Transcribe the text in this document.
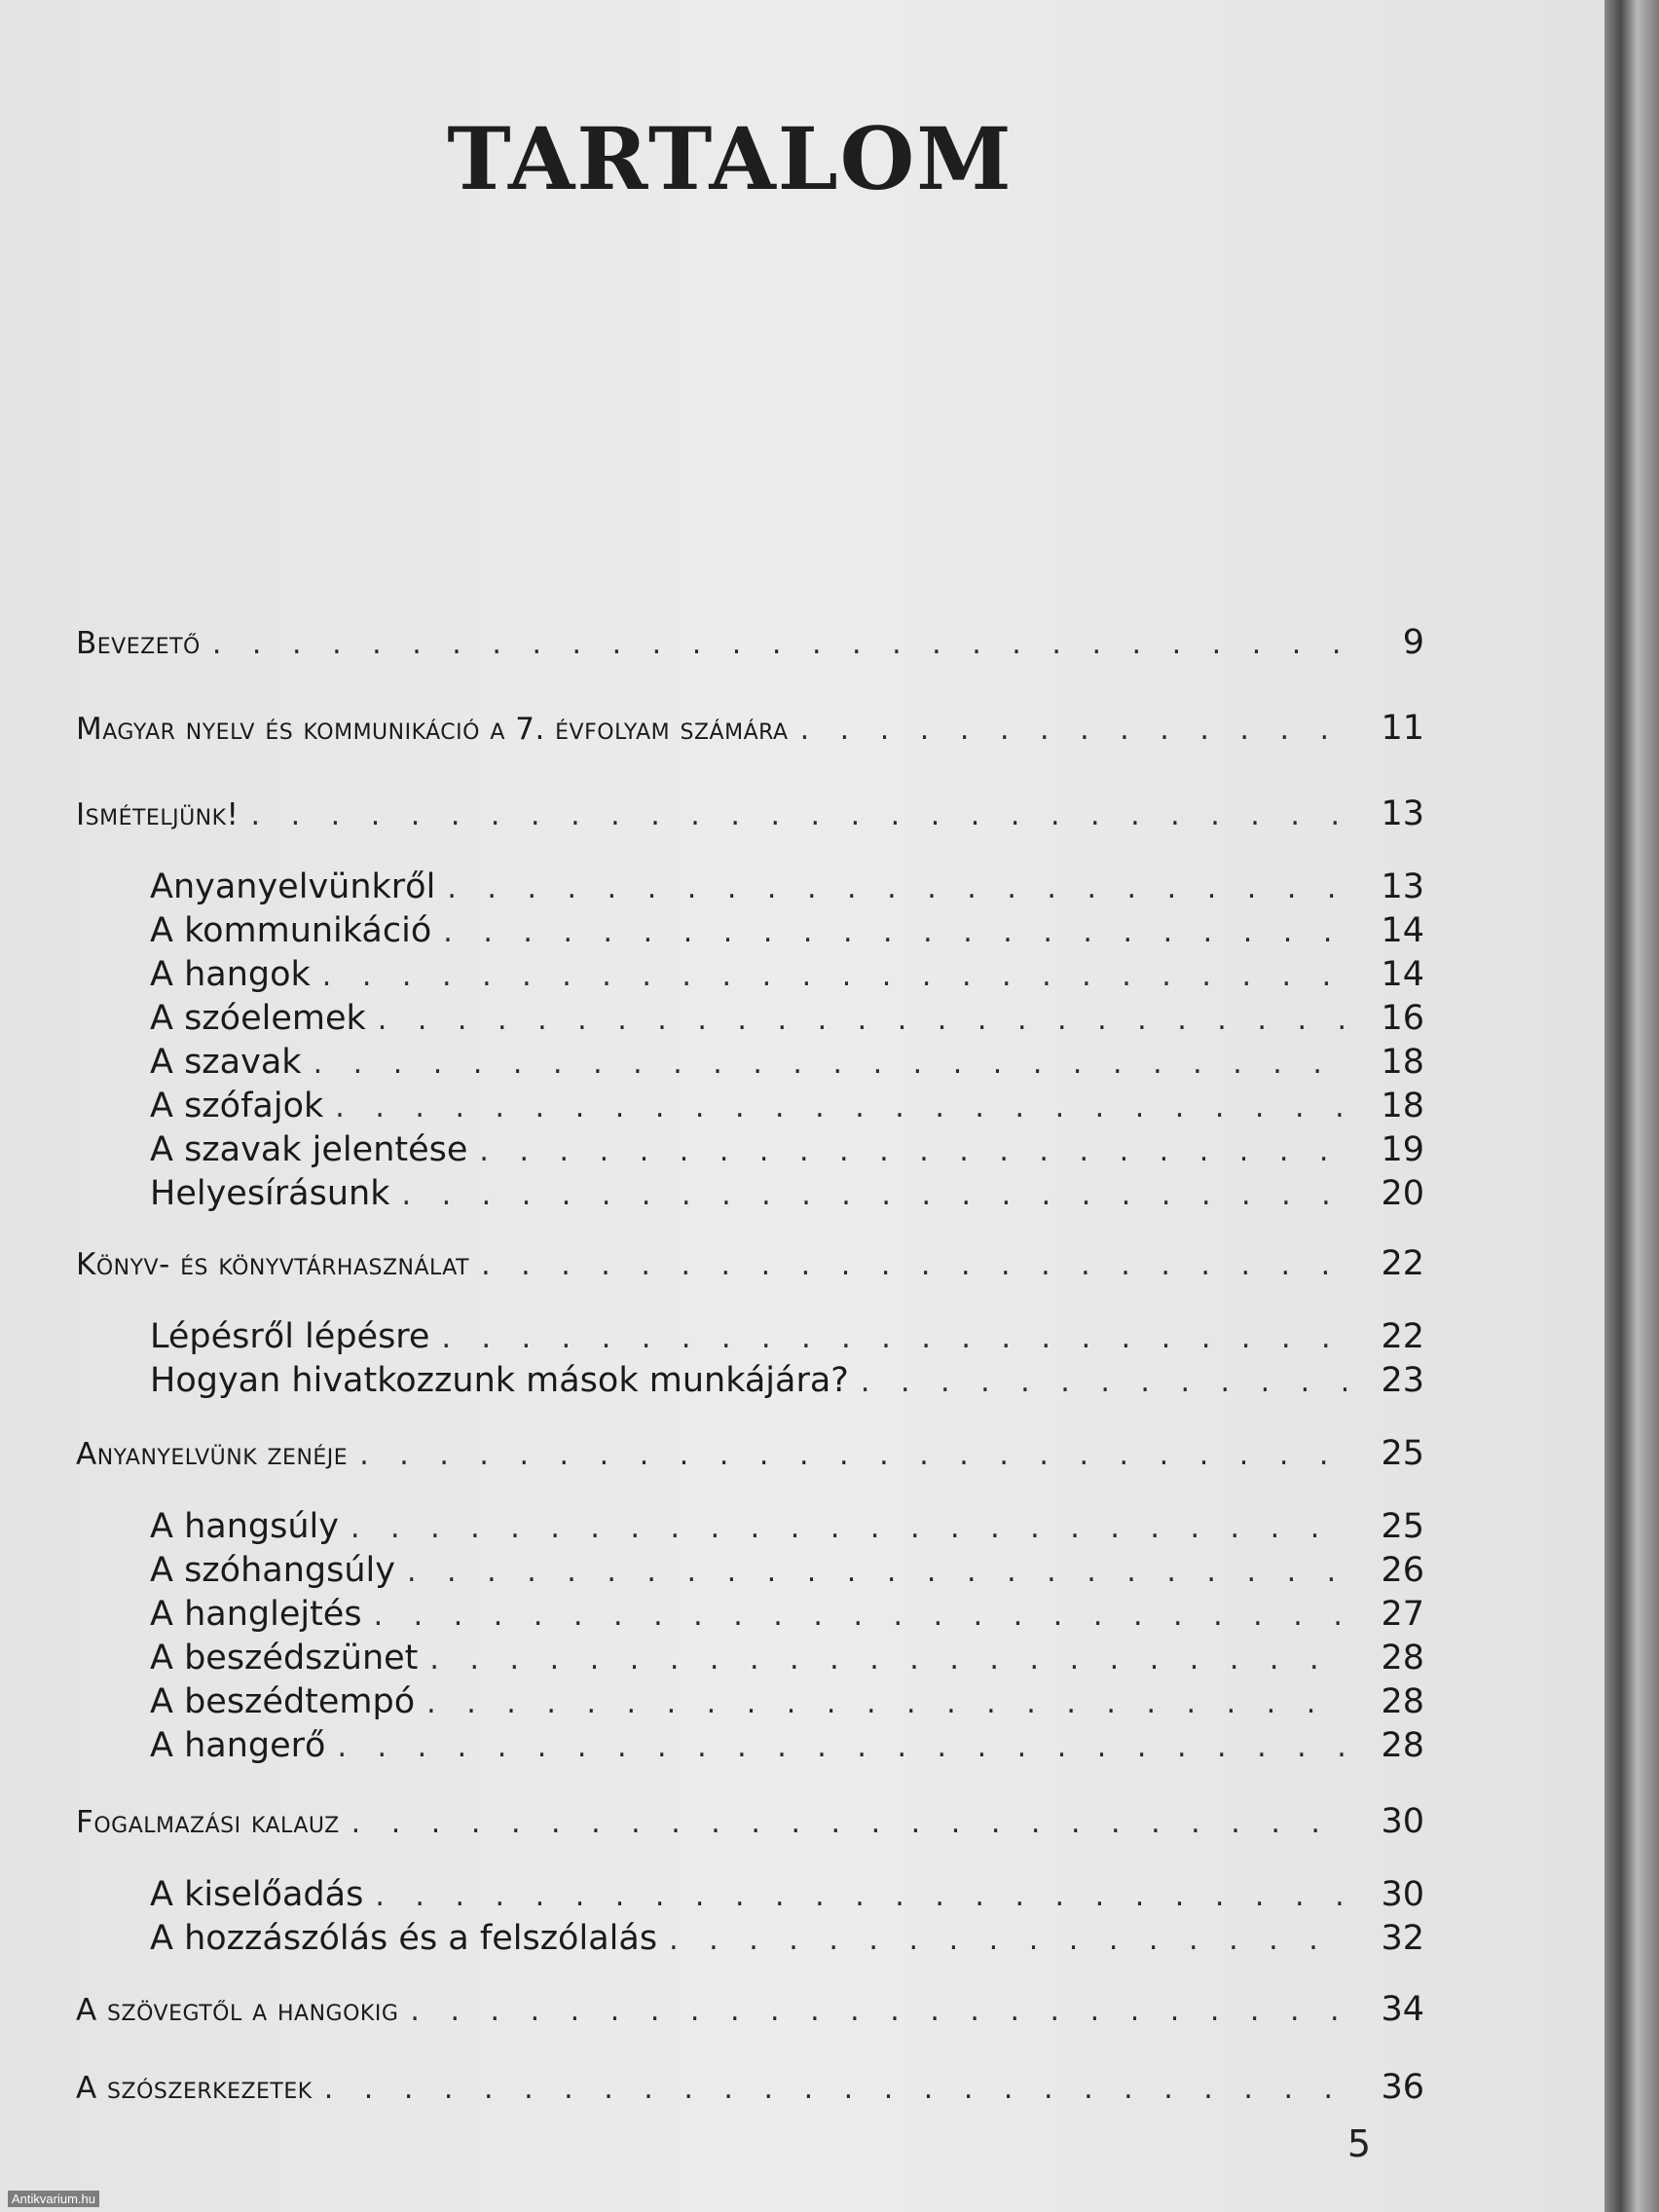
TARTALOM
Bevezető . . .	9
Magyar nyelv és kommunikáció a 7. évfolyam számára . . .	11
Ismételjünk! . . .	13
Anyanyelvünkről . . .	13
A kommunikáció . . .	14
A hangok . . .	14
A szóelemek . . .	16
A szavak . . .	18
A szófajok . . .	18
A szavak jelentése . . .	19
Helyesírásunk . . .	20
Könyv- és könyvtárhasználat . . .	22
Lépésről lépésre . . .	22
Hogyan hivatkozzunk mások munkájára? . . .	23
Anyanyelvünk zenéje . . .	25
A hangsúly . . .	25
A szóhangsúly . . .	26
A hanglejtés . . .	27
A beszédszünet . . .	28
A beszédtempó . . .	28
A hangerő . . .	28
Fogalmazási kalauz . . .	30
A kiselőadás . . .	30
A hozzászólás és a felszólalás . . .	32
A szövegtől a hangokig . . .	34
A szószerkezetek . . .	36
5
Antikvarium.hu
